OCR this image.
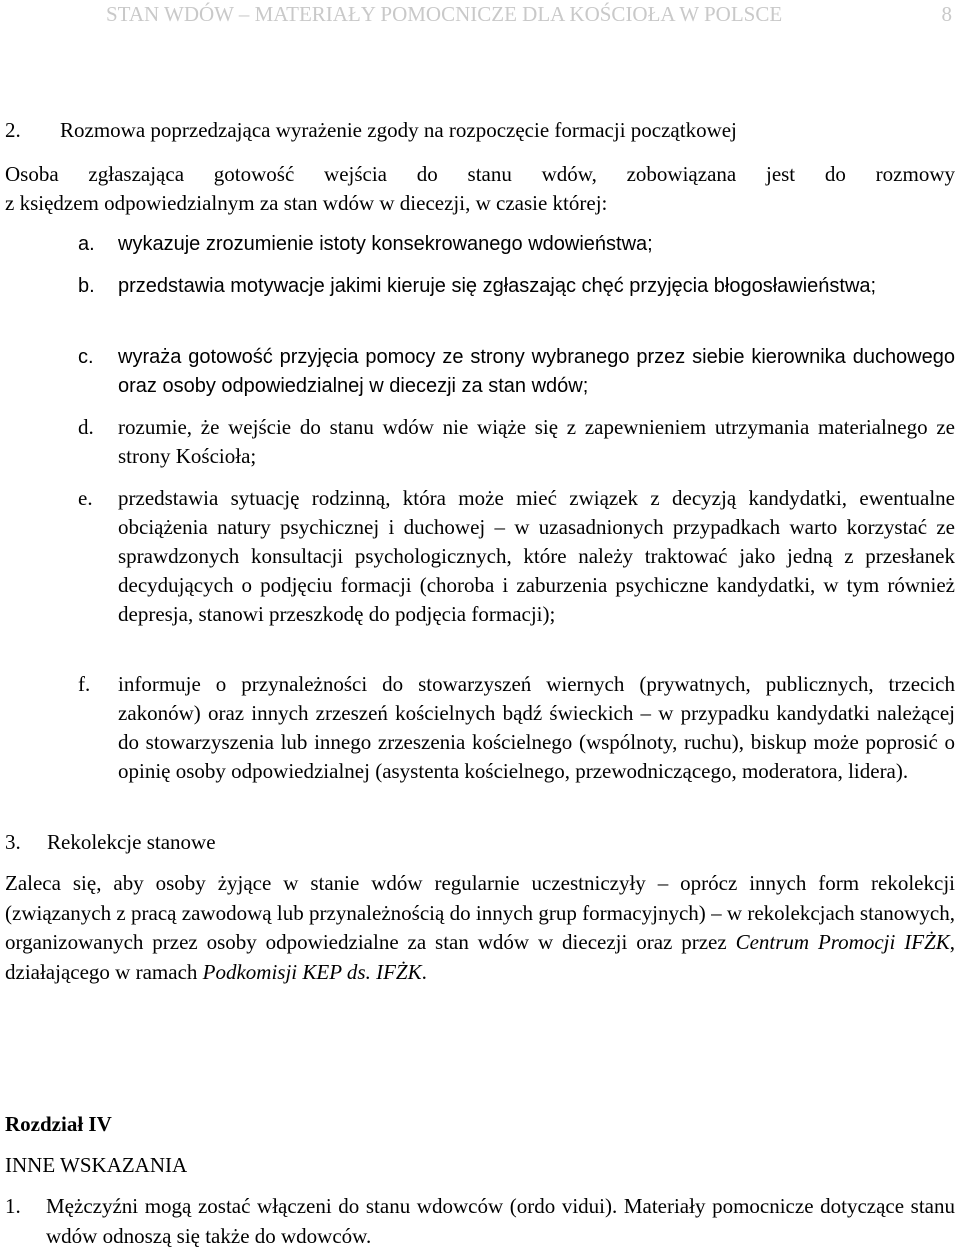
STAN WDÓW – MATERIAŁY POMOCNICZE DLA KOŚCIOŁA W POLSCE	8
2. Rozmowa poprzedzająca wyrażenie zgody na rozpoczęcie formacji początkowej
Osoba zgłaszająca gotowość wejścia do stanu wdów, zobowiązana jest do rozmowy
z księdzem odpowiedzialnym za stan wdów w diecezji, w czasie której:
a.	wykazuje zrozumienie istoty konsekrowanego wdowieństwa;

b.	przedstawia motywacje jakimi kieruje się zgłaszając chęć przyjęcia błogosławieństwa;

c.	wyraża gotowość przyjęcia pomocy ze strony wybranego przez siebie kierownika duchowego oraz osoby odpowiedzialnej w diecezji za stan wdów;

d.	rozumie, że wejście do stanu wdów nie wiąże się z zapewnieniem utrzymania materialnego ze strony Kościoła;

e.	przedstawia sytuację rodzinną, która może mieć związek z decyzją kandydatki, ewentualne obciążenia natury psychicznej i duchowej – w uzasadnionych przypadkach warto korzystać ze sprawdzonych konsultacji psychologicznych, które należy traktować jako jedną z przesłanek decydujących o podjęciu formacji (choroba i zaburzenia psychiczne kandydatki, w tym również depresja, stanowi przeszkodę do podjęcia formacji);

f.	informuje o przynależności do stowarzyszeń wiernych (prywatnych, publicznych, trzecich zakonów) oraz innych zrzeszeń kościelnych bądź świeckich – w przypadku kandydatki należącej do stowarzyszenia lub innego zrzeszenia kościelnego (wspólnoty, ruchu), biskup może poprosić o opinię osoby odpowiedzialnej (asystenta kościelnego, przewodniczącego, moderatora, lidera).

3. Rekolekcje stanowe

Zaleca się, aby osoby żyjące w stanie wdów regularnie uczestniczyły – oprócz innych form rekolekcji (związanych z pracą zawodową lub przynależnością do innych grup formacyjnych) – w rekolekcjach stanowych, organizowanych przez osoby odpowiedzialne za stan wdów w diecezji oraz przez Centrum Promocji IFŻK, działającego w ramach Podkomisji KEP ds. IFŻK.

Rozdział IV
INNE WSKAZANIA
1. Mężczyźni mogą zostać włączeni do stanu wdowców (ordo vidui). Materiały pomocnicze dotyczące stanu wdów odnoszą się także do wdowców.
